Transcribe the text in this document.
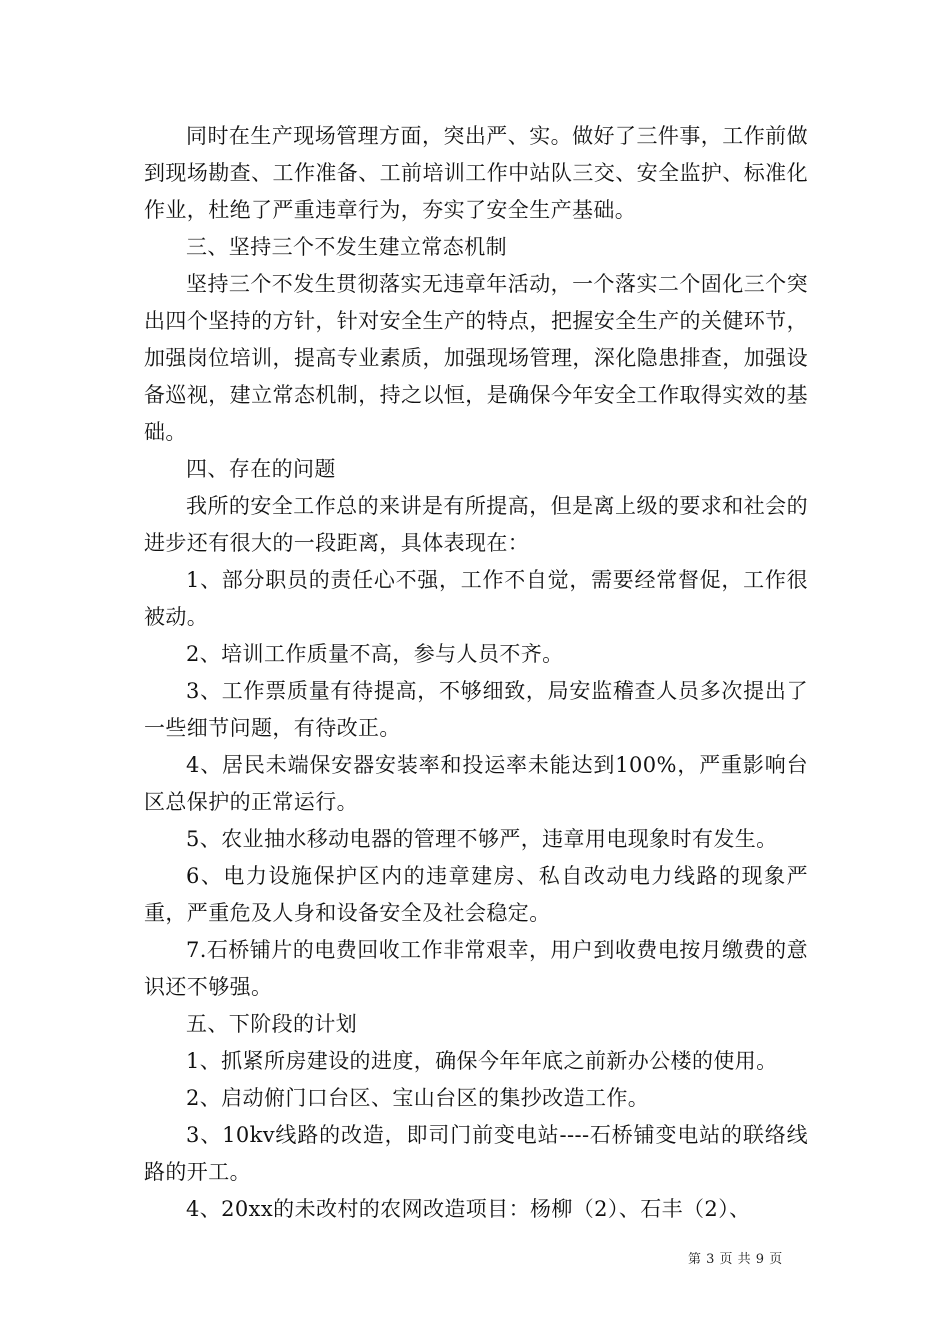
同时在生产现场管理方面，突出严、实。做好了三件事，工作前做到现场勘查、工作准备、工前培训工作中站队三交、安全监护、标准化作业，杜绝了严重违章行为，夯实了安全生产基础。

三、坚持三个不发生建立常态机制

坚持三个不发生贯彻落实无违章年活动，一个落实二个固化三个突出四个坚持的方针，针对安全生产的特点，把握安全生产的关健环节，加强岗位培训，提高专业素质，加强现场管理，深化隐患排查，加强设备巡视，建立常态机制，持之以恒，是确保今年安全工作取得实效的基础。

四、存在的问题

我所的安全工作总的来讲是有所提高，但是离上级的要求和社会的进步还有很大的一段距离，具体表现在：

1、部分职员的责任心不强，工作不自觉，需要经常督促，工作很被动。

2、培训工作质量不高，参与人员不齐。

3、工作票质量有待提高，不够细致，局安监稽查人员多次提出了一些细节问题，有待改正。

4、居民未端保安器安装率和投运率未能达到100%，严重影响台区总保护的正常运行。

5、农业抽水移动电器的管理不够严，违章用电现象时有发生。

6、电力设施保护区内的违章建房、私自改动电力线路的现象严重，严重危及人身和设备安全及社会稳定。

7.石桥铺片的电费回收工作非常艰幸，用户到收费电按月缴费的意识还不够强。

五、下阶段的计划

1、抓紧所房建设的进度，确保今年年底之前新办公楼的使用。

2、启动俯门口台区、宝山台区的集抄改造工作。

3、10kv线路的改造，即司门前变电站----石桥铺变电站的联络线路的开工。

4、20xx的未改村的农网改造项目：杨柳（2）、石丰（2）、

第 3 页 共 9 页
